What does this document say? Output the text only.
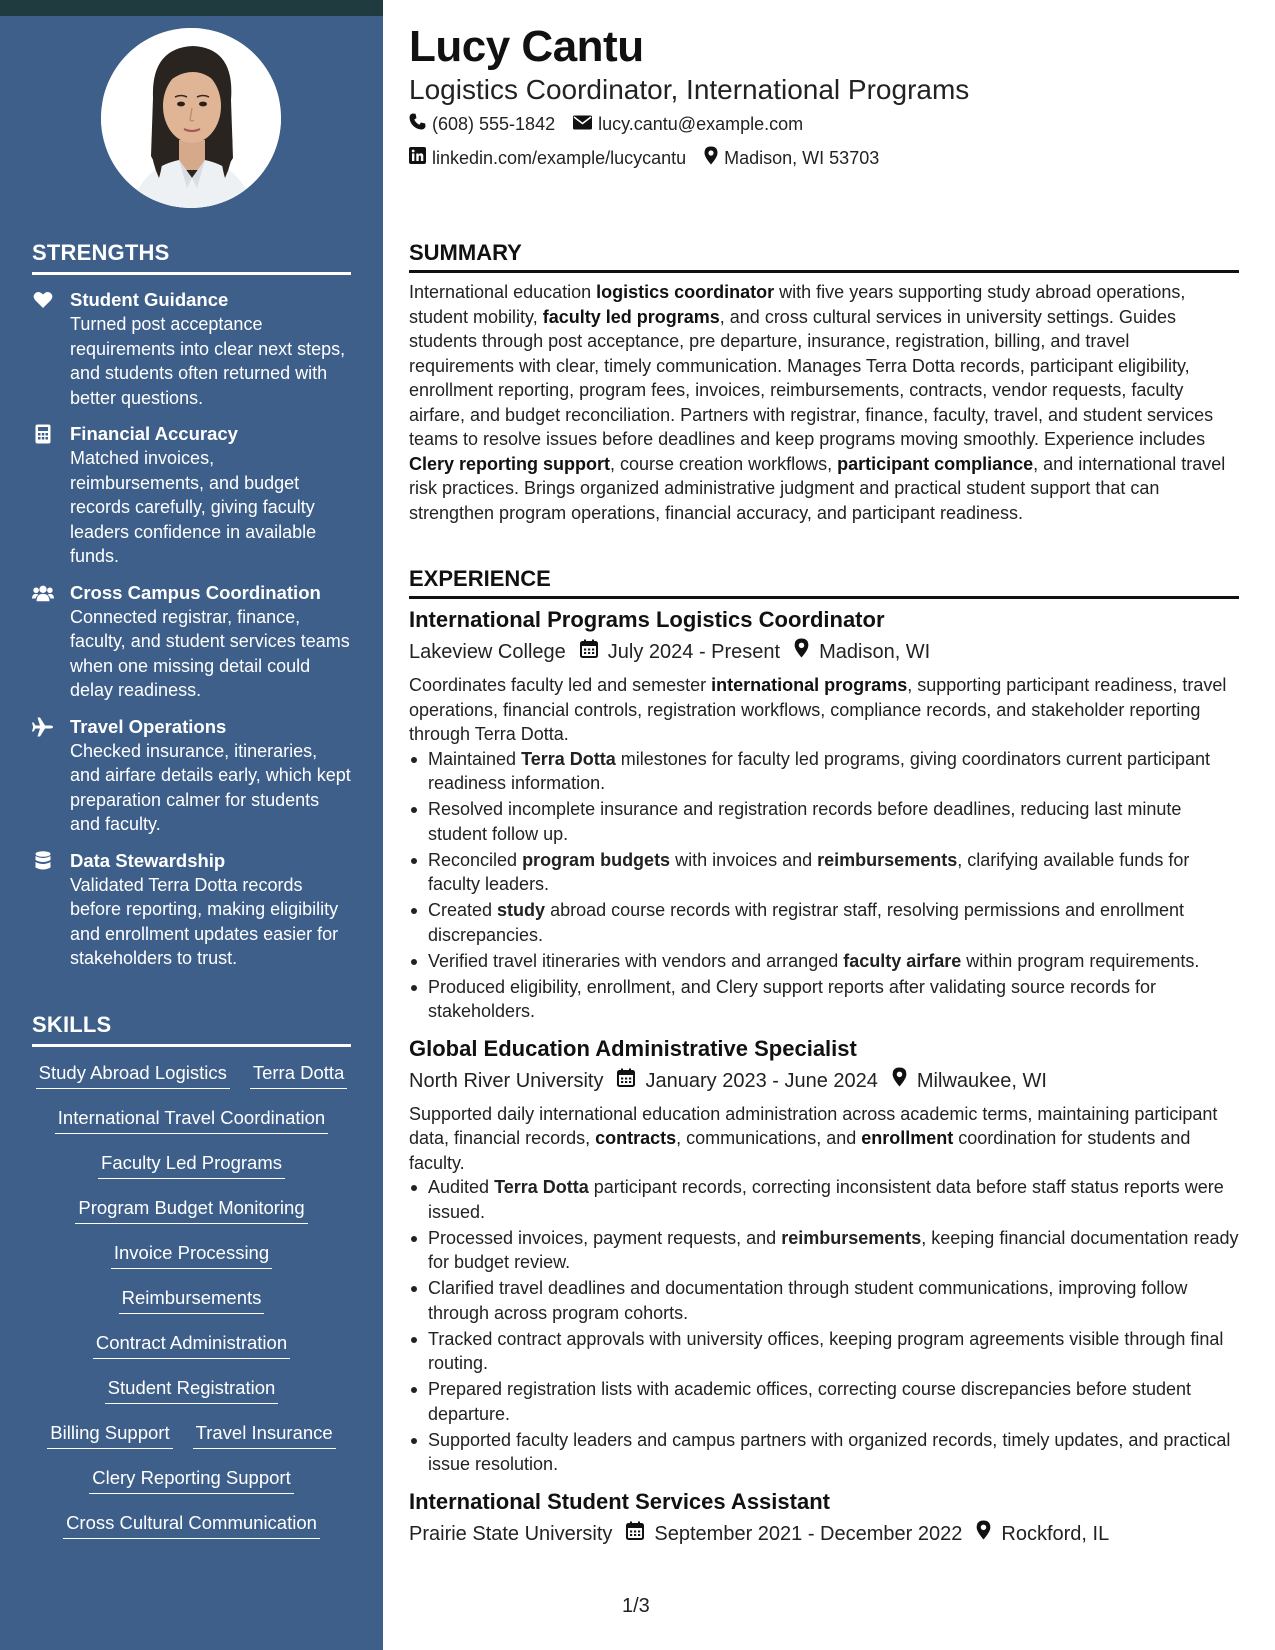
STRENGTHS
Student Guidance
Turned post acceptance requirements into clear next steps, and students often returned with better questions.
Financial Accuracy
Matched invoices, reimbursements, and budget records carefully, giving faculty leaders confidence in available funds.
Cross Campus Coordination
Connected registrar, finance, faculty, and student services teams when one missing detail could delay readiness.
Travel Operations
Checked insurance, itineraries, and airfare details early, which kept preparation calmer for students and faculty.
Data Stewardship
Validated Terra Dotta records before reporting, making eligibility and enrollment updates easier for stakeholders to trust.
SKILLS
Study Abroad Logistics Terra Dotta
International Travel Coordination
Faculty Led Programs
Program Budget Monitoring
Invoice Processing
Reimbursements
Contract Administration
Student Registration
Billing Support Travel Insurance
Clery Reporting Support
Cross Cultural Communication
Lucy Cantu
Logistics Coordinator, International Programs
(608) 555-1842 lucy.cantu@example.com
linkedin.com/example/lucycantu Madison, WI 53703
SUMMARY
International education logistics coordinator with five years supporting study abroad operations, student mobility, faculty led programs, and cross cultural services in university settings. Guides students through post acceptance, pre departure, insurance, registration, billing, and travel requirements with clear, timely communication. Manages Terra Dotta records, participant eligibility, enrollment reporting, program fees, invoices, reimbursements, contracts, vendor requests, faculty airfare, and budget reconciliation. Partners with registrar, finance, faculty, travel, and student services teams to resolve issues before deadlines and keep programs moving smoothly. Experience includes Clery reporting support, course creation workflows, participant compliance, and international travel risk practices. Brings organized administrative judgment and practical student support that can strengthen program operations, financial accuracy, and participant readiness.
EXPERIENCE
International Programs Logistics Coordinator
Lakeview College July 2024 - Present Madison, WI
Coordinates faculty led and semester international programs, supporting participant readiness, travel operations, financial controls, registration workflows, compliance records, and stakeholder reporting through Terra Dotta.
Maintained Terra Dotta milestones for faculty led programs, giving coordinators current participant readiness information.
Resolved incomplete insurance and registration records before deadlines, reducing last minute student follow up.
Reconciled program budgets with invoices and reimbursements, clarifying available funds for faculty leaders.
Created study abroad course records with registrar staff, resolving permissions and enrollment discrepancies.
Verified travel itineraries with vendors and arranged faculty airfare within program requirements.
Produced eligibility, enrollment, and Clery support reports after validating source records for stakeholders.
Global Education Administrative Specialist
North River University January 2023 - June 2024 Milwaukee, WI
Supported daily international education administration across academic terms, maintaining participant data, financial records, contracts, communications, and enrollment coordination for students and faculty.
Audited Terra Dotta participant records, correcting inconsistent data before staff status reports were issued.
Processed invoices, payment requests, and reimbursements, keeping financial documentation ready for budget review.
Clarified travel deadlines and documentation through student communications, improving follow through across program cohorts.
Tracked contract approvals with university offices, keeping program agreements visible through final routing.
Prepared registration lists with academic offices, correcting course discrepancies before student departure.
Supported faculty leaders and campus partners with organized records, timely updates, and practical issue resolution.
International Student Services Assistant
Prairie State University September 2021 - December 2022 Rockford, IL
1/3
